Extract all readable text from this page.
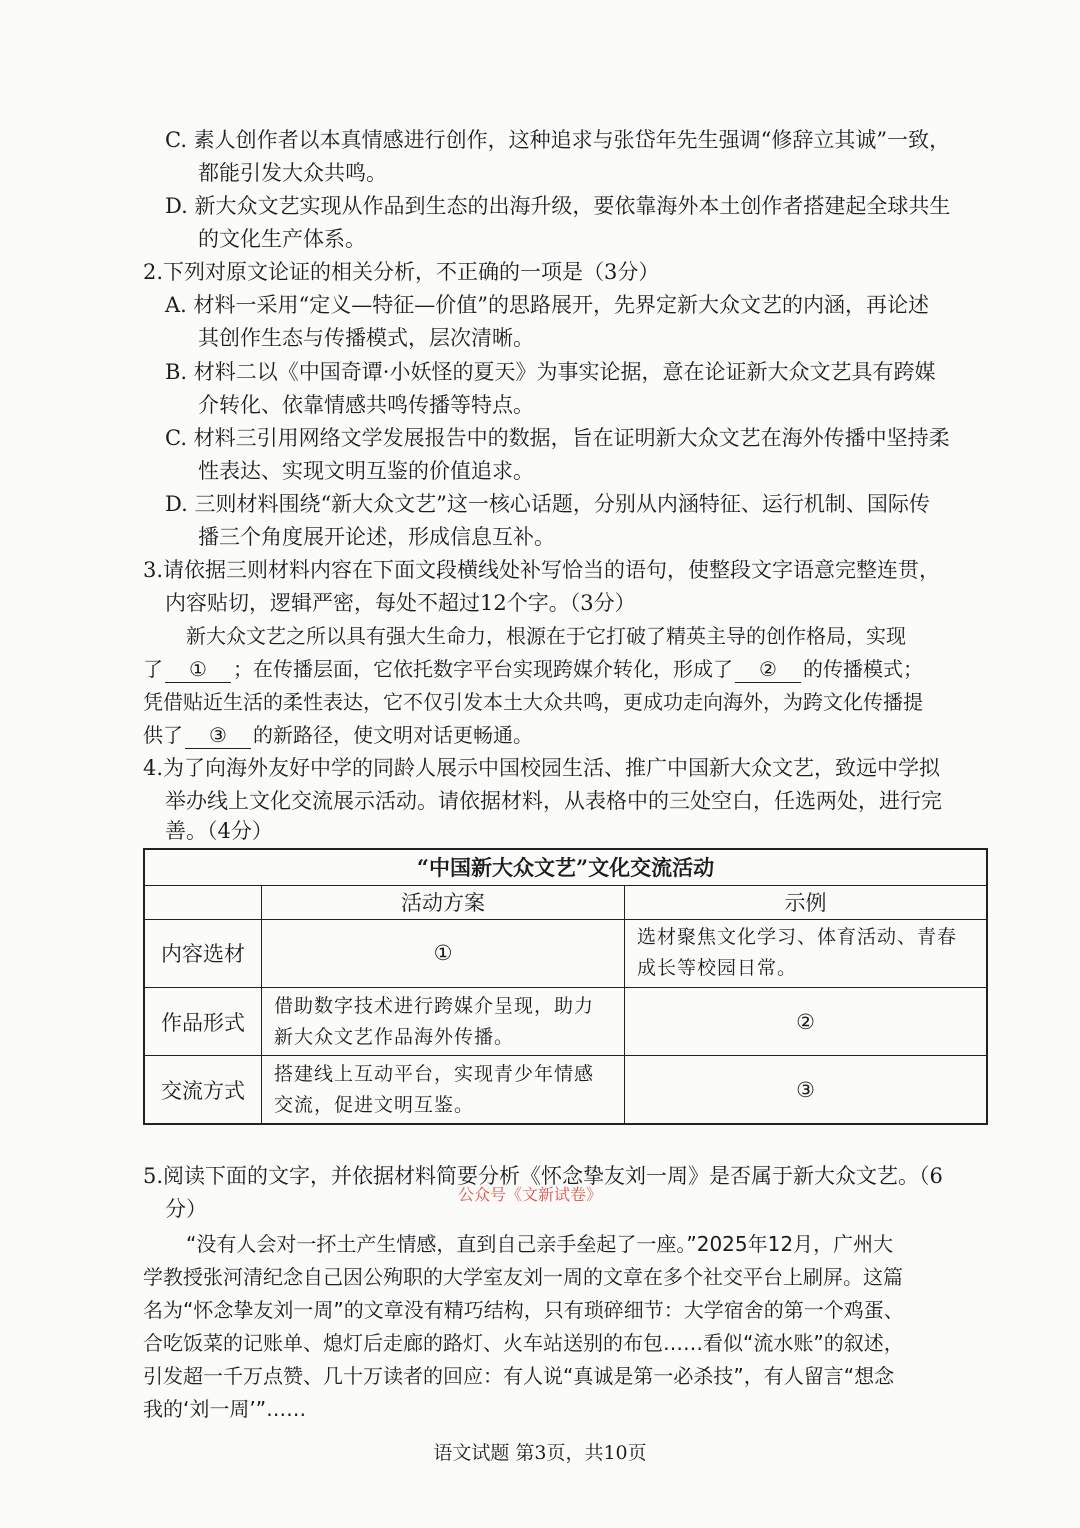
C. 素人创作者以本真情感进行创作，这种追求与张岱年先生强调“修辞立其诚”一致，
都能引发大众共鸣。
D. 新大众文艺实现从作品到生态的出海升级，要依靠海外本土创作者搭建起全球共生
的文化生产体系。
2.下列对原文论证的相关分析，不正确的一项是（3分）
A. 材料一采用“定义—特征—价值”的思路展开，先界定新大众文艺的内涵，再论述
其创作生态与传播模式，层次清晰。
B. 材料二以《中国奇谭·小妖怪的夏天》为事实论据，意在论证新大众文艺具有跨媒
介转化、依靠情感共鸣传播等特点。
C. 材料三引用网络文学发展报告中的数据，旨在证明新大众文艺在海外传播中坚持柔
性表达、实现文明互鉴的价值追求。
D. 三则材料围绕“新大众文艺”这一核心话题，分别从内涵特征、运行机制、国际传
播三个角度展开论述，形成信息互补。
3.请依据三则材料内容在下面文段横线处补写恰当的语句，使整段文字语意完整连贯，
内容贴切，逻辑严密，每处不超过12个字。（3分）
新大众文艺之所以具有强大生命力，根源在于它打破了精英主导的创作格局，实现
了 ① ；在传播层面，它依托数字平台实现跨媒介转化，形成了 ② 的传播模式；
凭借贴近生活的柔性表达，它不仅引发本土大众共鸣，更成功走向海外，为跨文化传播提
供了 ③ 的新路径，使文明对话更畅通。
4.为了向海外友好中学的同龄人展示中国校园生活、推广中国新大众文艺，致远中学拟
举办线上文化交流展示活动。请依据材料，从表格中的三处空白，任选两处，进行完
善。（4分）
“中国新大众文艺”文化交流活动		
	活动方案	示例
内容选材	①	选材聚焦文化学习、体育活动、青春成长等校园日常。
作品形式	借助数字技术进行跨媒介呈现，助力新大众文艺作品海外传播。	②
交流方式	搭建线上互动平台，实现青少年情感交流，促进文明互鉴。	③
5.阅读下面的文字，并依据材料简要分析《怀念挚友刘一周》是否属于新大众文艺。（6
分）
公众号《文新试卷》
“没有人会对一抔土产生情感，直到自己亲手垒起了一座。”2025年12月，广州大
学教授张河清纪念自己因公殉职的大学室友刘一周的文章在多个社交平台上刷屏。这篇
名为“怀念挚友刘一周”的文章没有精巧结构，只有琐碎细节：大学宿舍的第一个鸡蛋、
合吃饭菜的记账单、熄灯后走廊的路灯、火车站送别的布包……看似“流水账”的叙述，
引发超一千万点赞、几十万读者的回应：有人说“真诚是第一必杀技”，有人留言“想念
我的‘刘一周’”……
语文试题 第3页，共10页
